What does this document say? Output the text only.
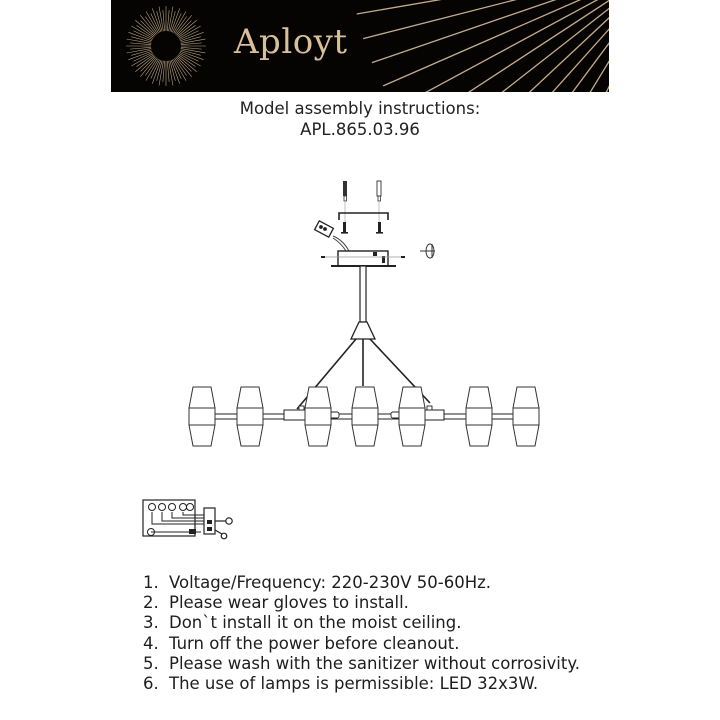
Aployt
Model assembly instructions:
APL.865.03.96
1. Voltage/Frequency: 220-230V 50-60Hz.
2. Please wear gloves to install.
3. Don`t install it on the moist ceiling.
4. Turn off the power before cleanout.
5. Please wash with the sanitizer without corrosivity.
6. The use of lamps is permissible: LED 32x3W.
